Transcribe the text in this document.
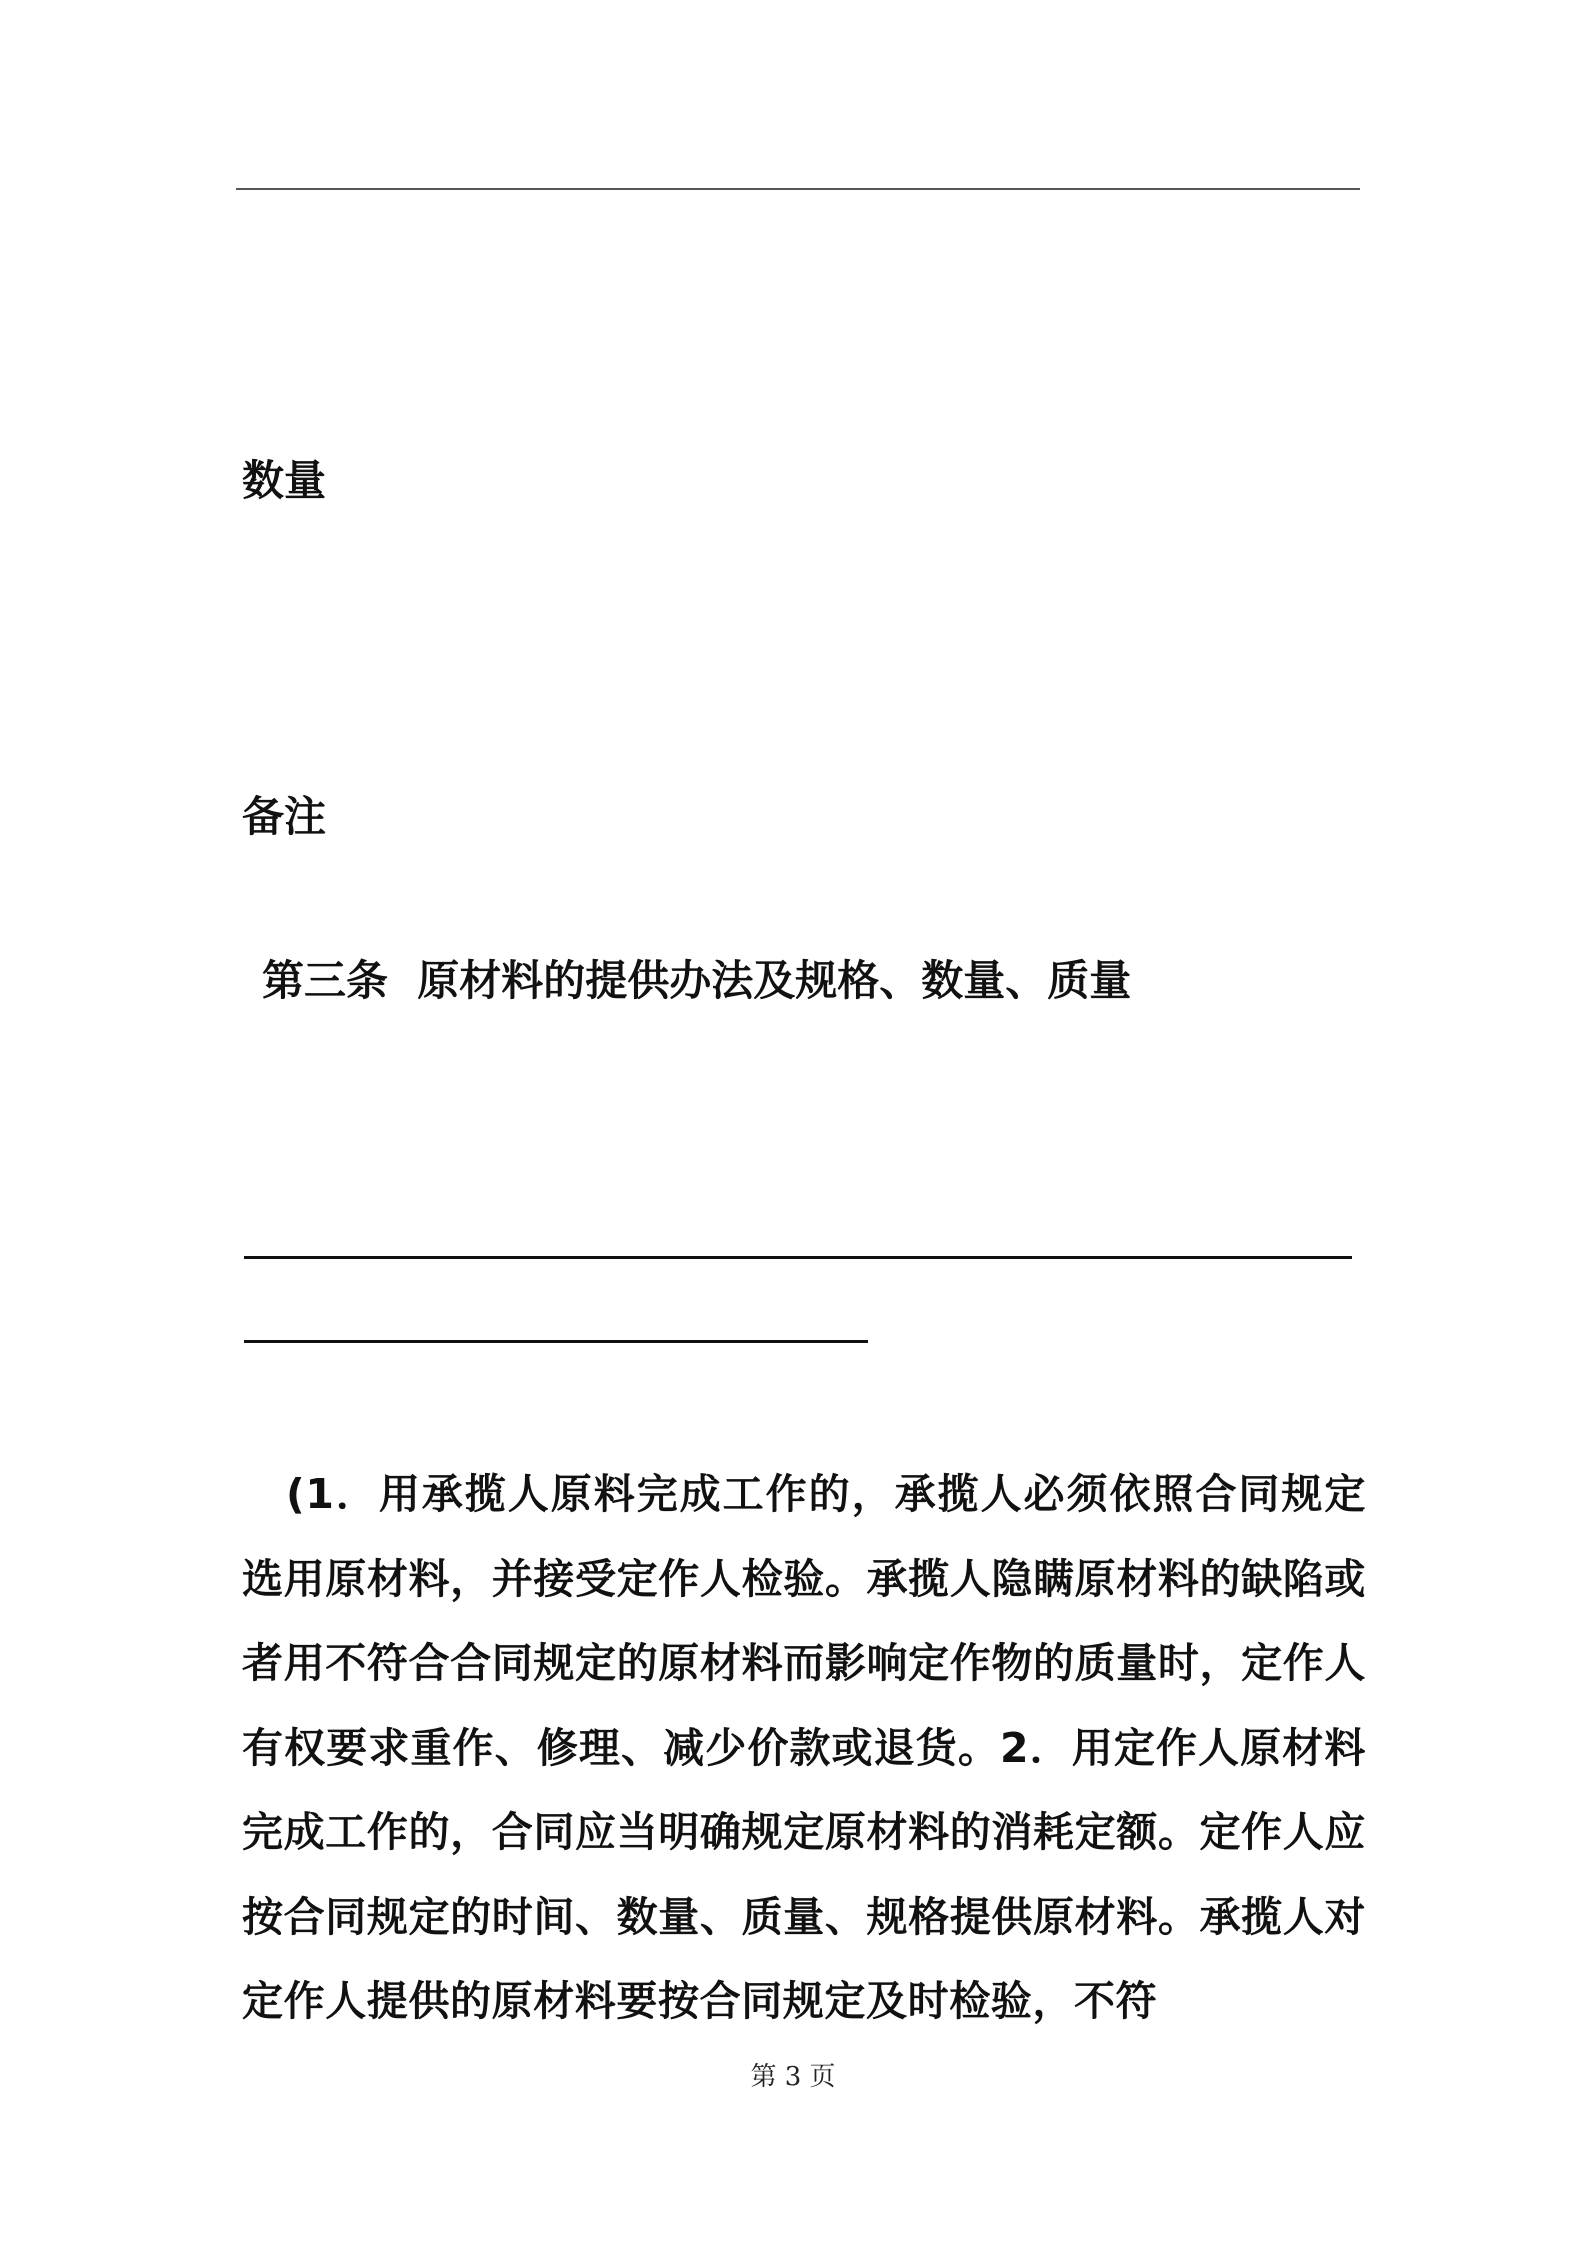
数量
备注
第三条  原材料的提供办法及规格、数量、质量
(1．用承揽人原料完成工作的，承揽人必须依照合同规定选用原材料，并接受定作人检验。承揽人隐瞒原材料的缺陷或者用不符合合同规定的原材料而影响定作物的质量时，定作人有权要求重作、修理、减少价款或退货。2．用定作人原材料完成工作的，合同应当明确规定原材料的消耗定额。定作人应按合同规定的时间、数量、质量、规格提供原材料。承揽人对定作人提供的原材料要按合同规定及时检验，不符
第 3 页
